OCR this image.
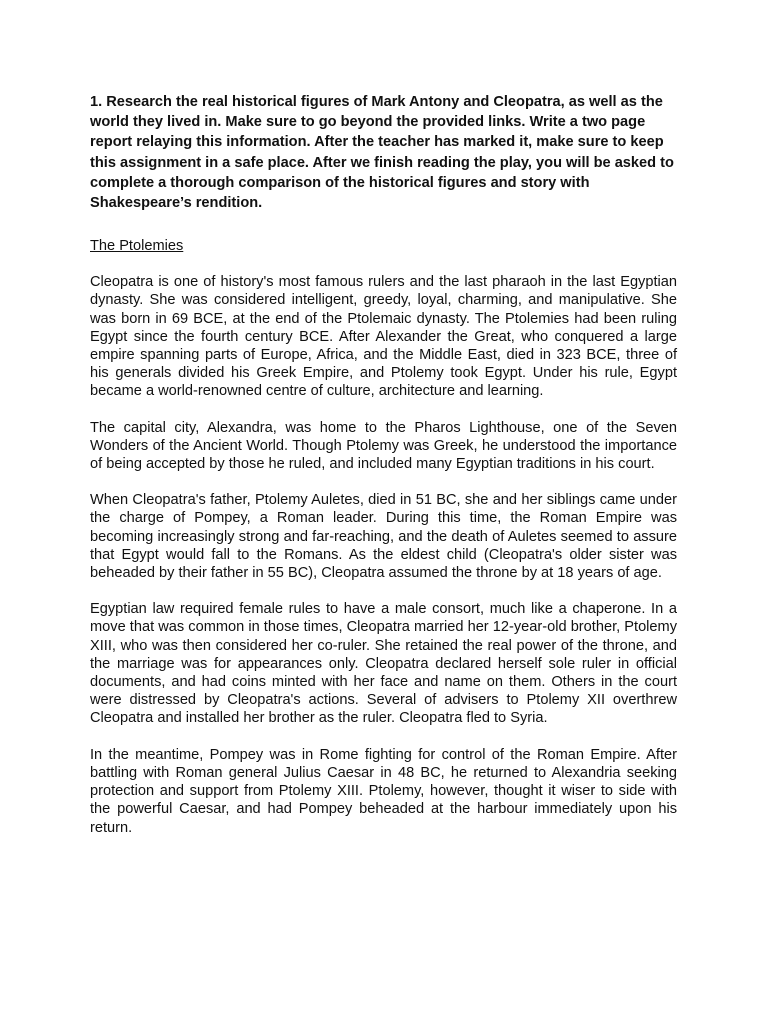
1. Research the real historical figures of Mark Antony and Cleopatra, as well as the world they lived in. Make sure to go beyond the provided links. Write a two page report relaying this information. After the teacher has marked it, make sure to keep this assignment in a safe place. After we finish reading the play, you will be asked to complete a thorough comparison of the historical figures and story with Shakespeare’s rendition.

The Ptolemies

Cleopatra is one of history's most famous rulers and the last pharaoh in the last Egyptian dynasty. She was considered intelligent, greedy, loyal, charming, and manipulative. She was born in 69 BCE, at the end of the Ptolemaic dynasty. The Ptolemies had been ruling Egypt since the fourth century BCE. After Alexander the Great, who conquered a large empire spanning parts of Europe, Africa, and the Middle East, died in 323 BCE, three of his generals divided his Greek Empire, and Ptolemy took Egypt. Under his rule, Egypt became a world-renowned centre of culture, architecture and learning.

The capital city, Alexandra, was home to the Pharos Lighthouse, one of the Seven Wonders of the Ancient World. Though Ptolemy was Greek, he understood the importance of being accepted by those he ruled, and included many Egyptian traditions in his court.

When Cleopatra's father, Ptolemy Auletes, died in 51 BC, she and her siblings came under the charge of Pompey, a Roman leader. During this time, the Roman Empire was becoming increasingly strong and far-reaching, and the death of Auletes seemed to assure that Egypt would fall to the Romans. As the eldest child (Cleopatra's older sister was beheaded by their father in 55 BC), Cleopatra assumed the throne by at 18 years of age.

Egyptian law required female rules to have a male consort, much like a chaperone. In a move that was common in those times, Cleopatra married her 12-year-old brother, Ptolemy XIII, who was then considered her co-ruler. She retained the real power of the throne, and the marriage was for appearances only. Cleopatra declared herself sole ruler in official documents, and had coins minted with her face and name on them. Others in the court were distressed by Cleopatra's actions. Several of advisers to Ptolemy XII overthrew Cleopatra and installed her brother as the ruler. Cleopatra fled to Syria.

In the meantime, Pompey was in Rome fighting for control of the Roman Empire. After battling with Roman general Julius Caesar in 48 BC, he returned to Alexandria seeking protection and support from Ptolemy XIII. Ptolemy, however, thought it wiser to side with the powerful Caesar, and had Pompey beheaded at the harbour immediately upon his return.
